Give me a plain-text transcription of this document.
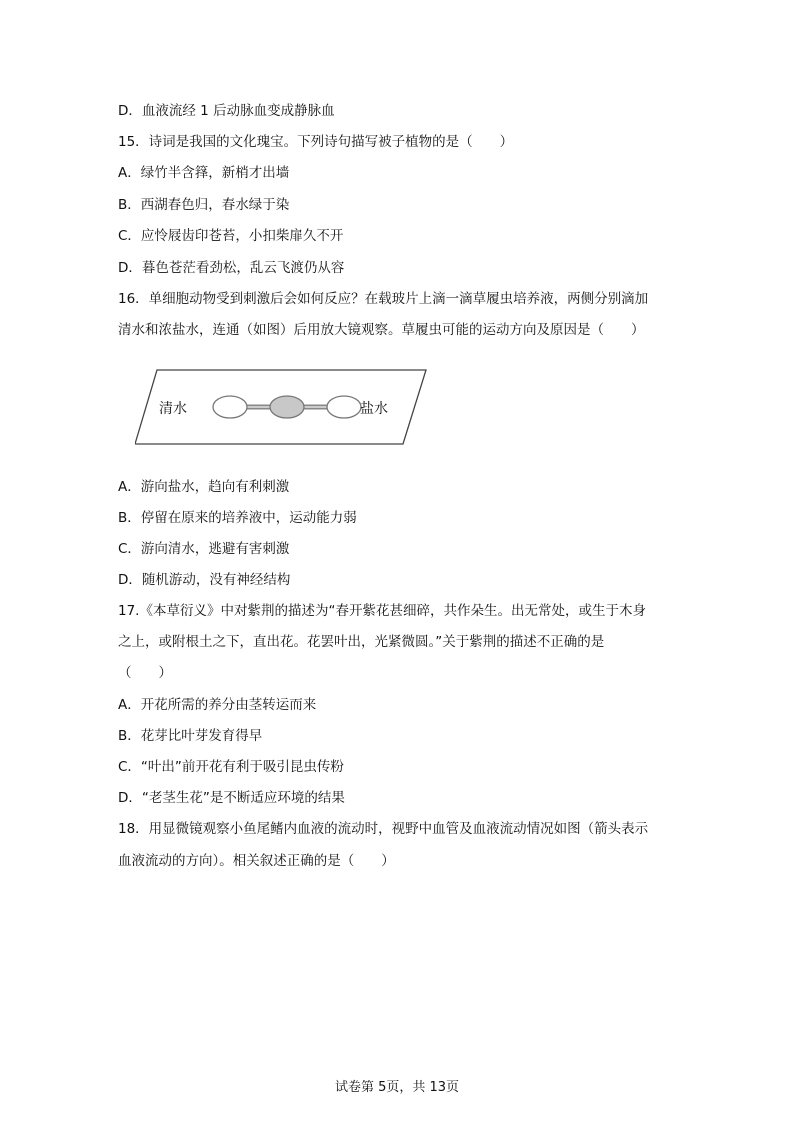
D．血液流经 1 后动脉血变成静脉血
15．诗词是我国的文化瑰宝。下列诗句描写被子植物的是（　　）
A．绿竹半含箨，新梢才出墙
B．西湖春色归，春水绿于染
C．应怜屐齿印苍苔，小扣柴扉久不开
D．暮色苍茫看劲松，乱云飞渡仍从容
16．单细胞动物受到刺激后会如何反应？在载玻片上滴一滴草履虫培养液，两侧分别滴加
清水和浓盐水，连通（如图）后用放大镜观察。草履虫可能的运动方向及原因是（　　）
清水	盐水
A．游向盐水，趋向有利刺激
B．停留在原来的培养液中，运动能力弱
C．游向清水，逃避有害刺激
D．随机游动，没有神经结构
17.《本草衍义》中对紫荆的描述为“春开紫花甚细碎，共作朵生。出无常处，或生于木身
之上，或附根土之下，直出花。花罢叶出，光紧微圆。”关于紫荆的描述不正确的是
（　　）
A．开花所需的养分由茎转运而来
B．花芽比叶芽发育得早
C．“叶出”前开花有利于吸引昆虫传粉
D．“老茎生花”是不断适应环境的结果
18．用显微镜观察小鱼尾鳍内血液的流动时，视野中血管及血液流动情况如图（箭头表示
血液流动的方向）。相关叙述正确的是（　　）
试卷第 5页，共 13页
